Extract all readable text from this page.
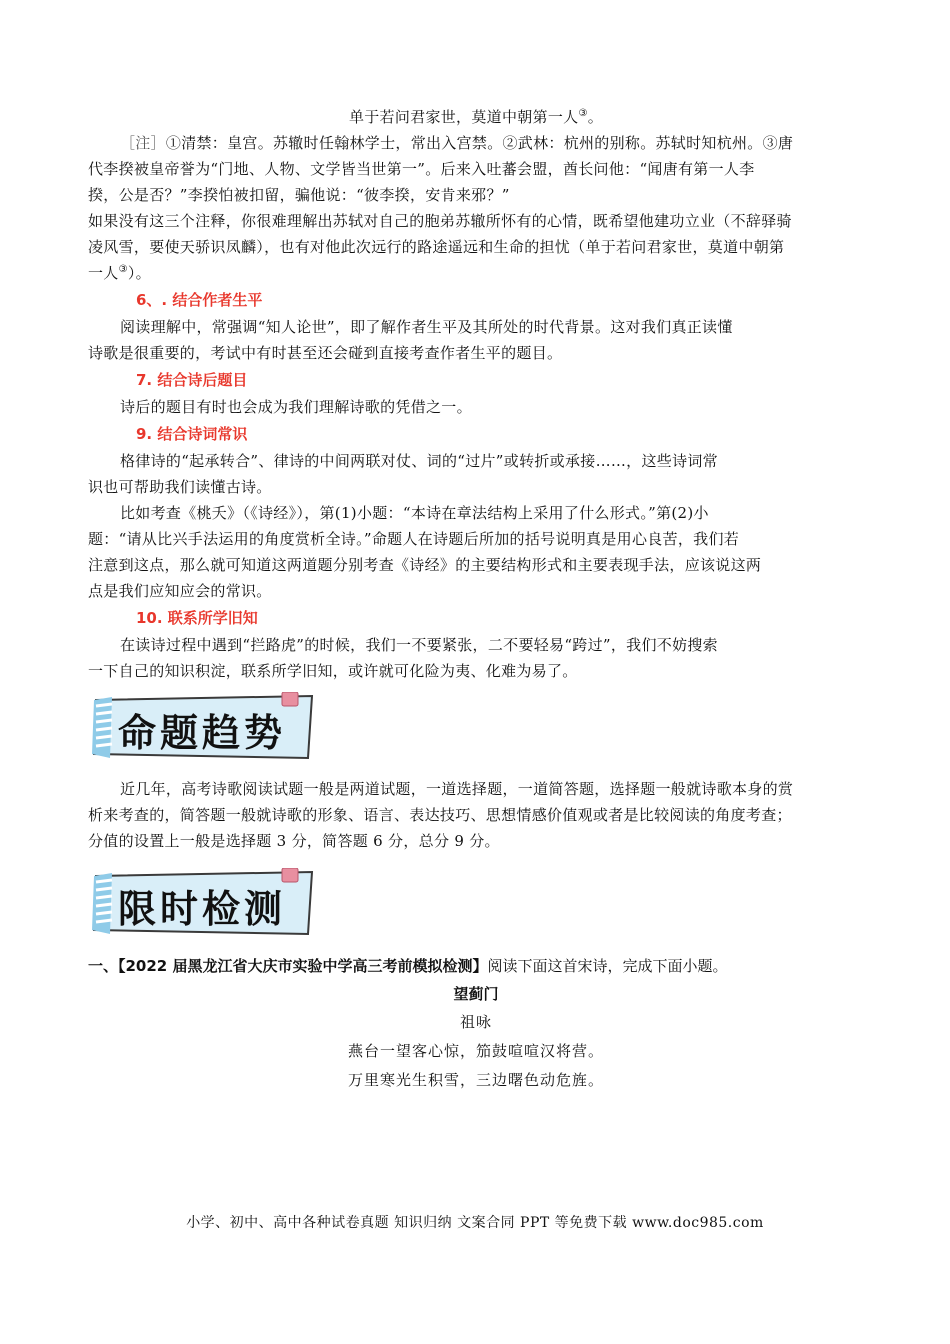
单于若问君家世，莫道中朝第一人③。

［注］①清禁：皇宫。苏辙时任翰林学士，常出入宫禁。②武林：杭州的别称。苏轼时知杭州。③唐

代李揆被皇帝誉为“门地、人物、文学皆当世第一”。后来入吐蕃会盟，酋长问他：“闻唐有第一人李

揆，公是否？”李揆怕被扣留，骗他说：“彼李揆，安肯来邪？”

如果没有这三个注释，你很难理解出苏轼对自己的胞弟苏辙所怀有的心情，既希望他建功立业（不辞驿骑

凌风雪，要使天骄识凤麟），也有对他此次远行的路途遥远和生命的担忧（单于若问君家世，莫道中朝第

一人③）。

6、. 结合作者生平

阅读理解中，常强调“知人论世”，即了解作者生平及其所处的时代背景。这对我们真正读懂

诗歌是很重要的，考试中有时甚至还会碰到直接考查作者生平的题目。

7. 结合诗后题目

诗后的题目有时也会成为我们理解诗歌的凭借之一。

9. 结合诗词常识

格律诗的“起承转合”、律诗的中间两联对仗、词的“过片”或转折或承接……，这些诗词常

识也可帮助我们读懂古诗。

比如考查《桃夭》（《诗经》），第(1)小题：“本诗在章法结构上采用了什么形式。”第(2)小

题：“请从比兴手法运用的角度赏析全诗。”命题人在诗题后所加的括号说明真是用心良苦，我们若

注意到这点，那么就可知道这两道题分别考查《诗经》的主要结构形式和主要表现手法，应该说这两

点是我们应知应会的常识。

10. 联系所学旧知

在读诗过程中遇到“拦路虎”的时候，我们一不要紧张，二不要轻易“跨过”，我们不妨搜索

一下自己的知识积淀，联系所学旧知，或许就可化险为夷、化难为易了。

命题趋势

近几年，高考诗歌阅读试题一般是两道试题，一道选择题，一道简答题，选择题一般就诗歌本身的赏

析来考查的，简答题一般就诗歌的形象、语言、表达技巧、思想情感价值观或者是比较阅读的角度考查；

分值的设置上一般是选择题 3 分，简答题 6 分，总分 9 分。

限时检测

一、【2022 届黑龙江省大庆市实验中学高三考前模拟检测】阅读下面这首宋诗，完成下面小题。

望蓟门

祖咏

燕台一望客心惊，笳鼓喧喧汉将营。

万里寒光生积雪，三边曙色动危旌。

小学、初中、高中各种试卷真题 知识归纳 文案合同 PPT 等免费下载 www.doc985.com
